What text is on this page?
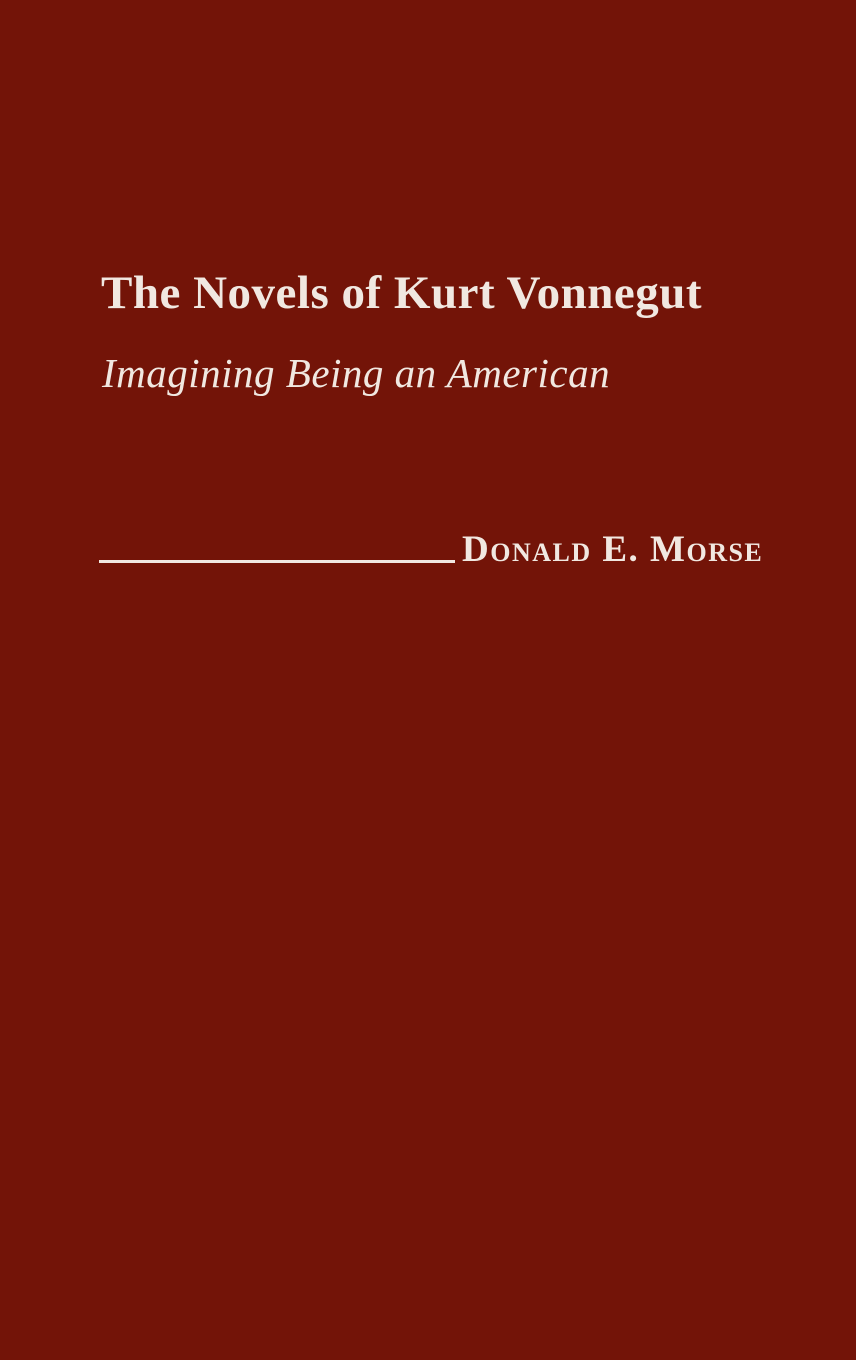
The Novels of Kurt Vonnegut
Imagining Being an American
Donald E. Morse
